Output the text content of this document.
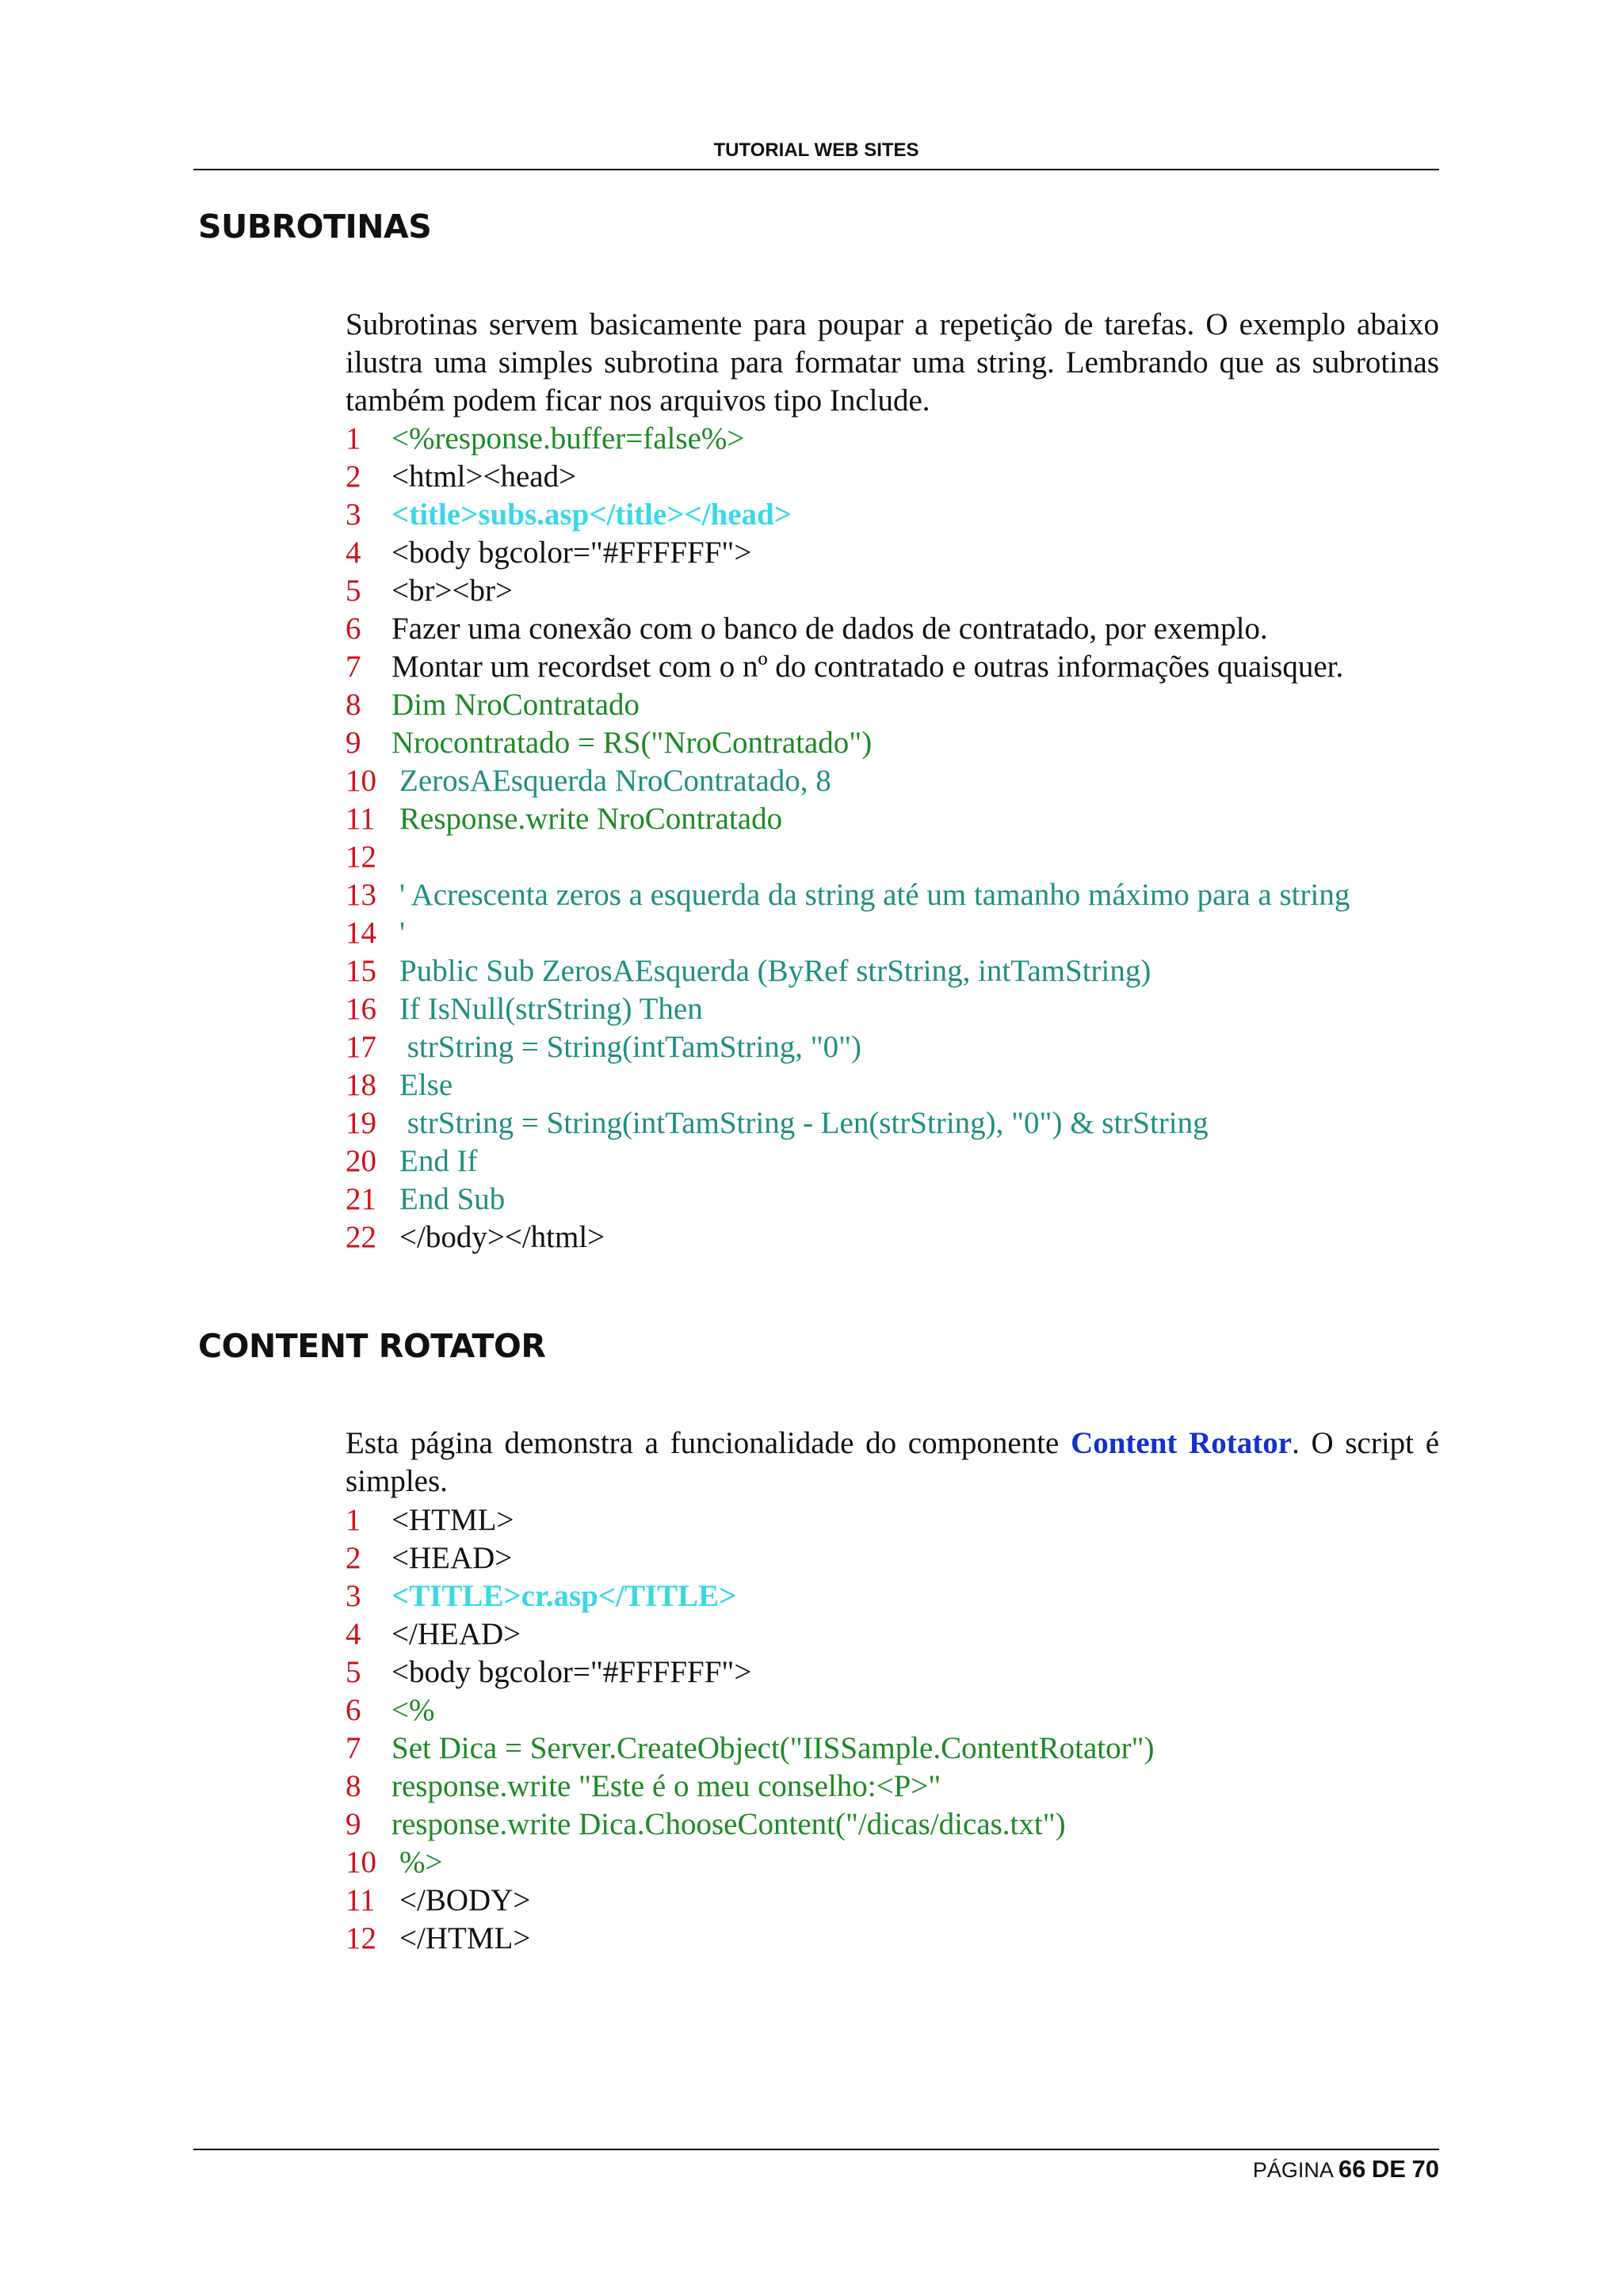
TUTORIAL WEB SITES
SUBROTINAS
Subrotinas servem basicamente para poupar a repetição de tarefas. O exemplo abaixo
ilustra uma simples subrotina para formatar uma string. Lembrando que as subrotinas
também podem ficar nos arquivos tipo Include.
1 <%response.buffer=false%>
2 <html><head>
3 <title>subs.asp</title></head>
4 <body bgcolor="#FFFFFF">
5 <br><br>
6 Fazer uma conexão com o banco de dados de contratado, por exemplo.
7 Montar um recordset com o nº do contratado e outras informações quaisquer.
8 Dim NroContratado
9 Nrocontratado = RS("NroContratado")
10 ZerosAEsquerda NroContratado, 8
11 Response.write NroContratado
12
13 ' Acrescenta zeros a esquerda da string até um tamanho máximo para a string
14 '
15 Public Sub ZerosAEsquerda (ByRef strString, intTamString)
16 If IsNull(strString) Then
17 strString = String(intTamString, "0")
18 Else
19 strString = String(intTamString - Len(strString), "0") & strString
20 End If
21 End Sub
22 </body></html>
CONTENT ROTATOR
Esta página demonstra a funcionalidade do componente Content Rotator. O script é
simples.
1 <HTML>
2 <HEAD>
3 <TITLE>cr.asp</TITLE>
4 </HEAD>
5 <body bgcolor="#FFFFFF">
6 <%
7 Set Dica = Server.CreateObject("IISSample.ContentRotator")
8 response.write "Este é o meu conselho:<P>"
9 response.write Dica.ChooseContent("/dicas/dicas.txt")
10 %>
11 </BODY>
12 </HTML>
PÁGINA 66 DE 70
